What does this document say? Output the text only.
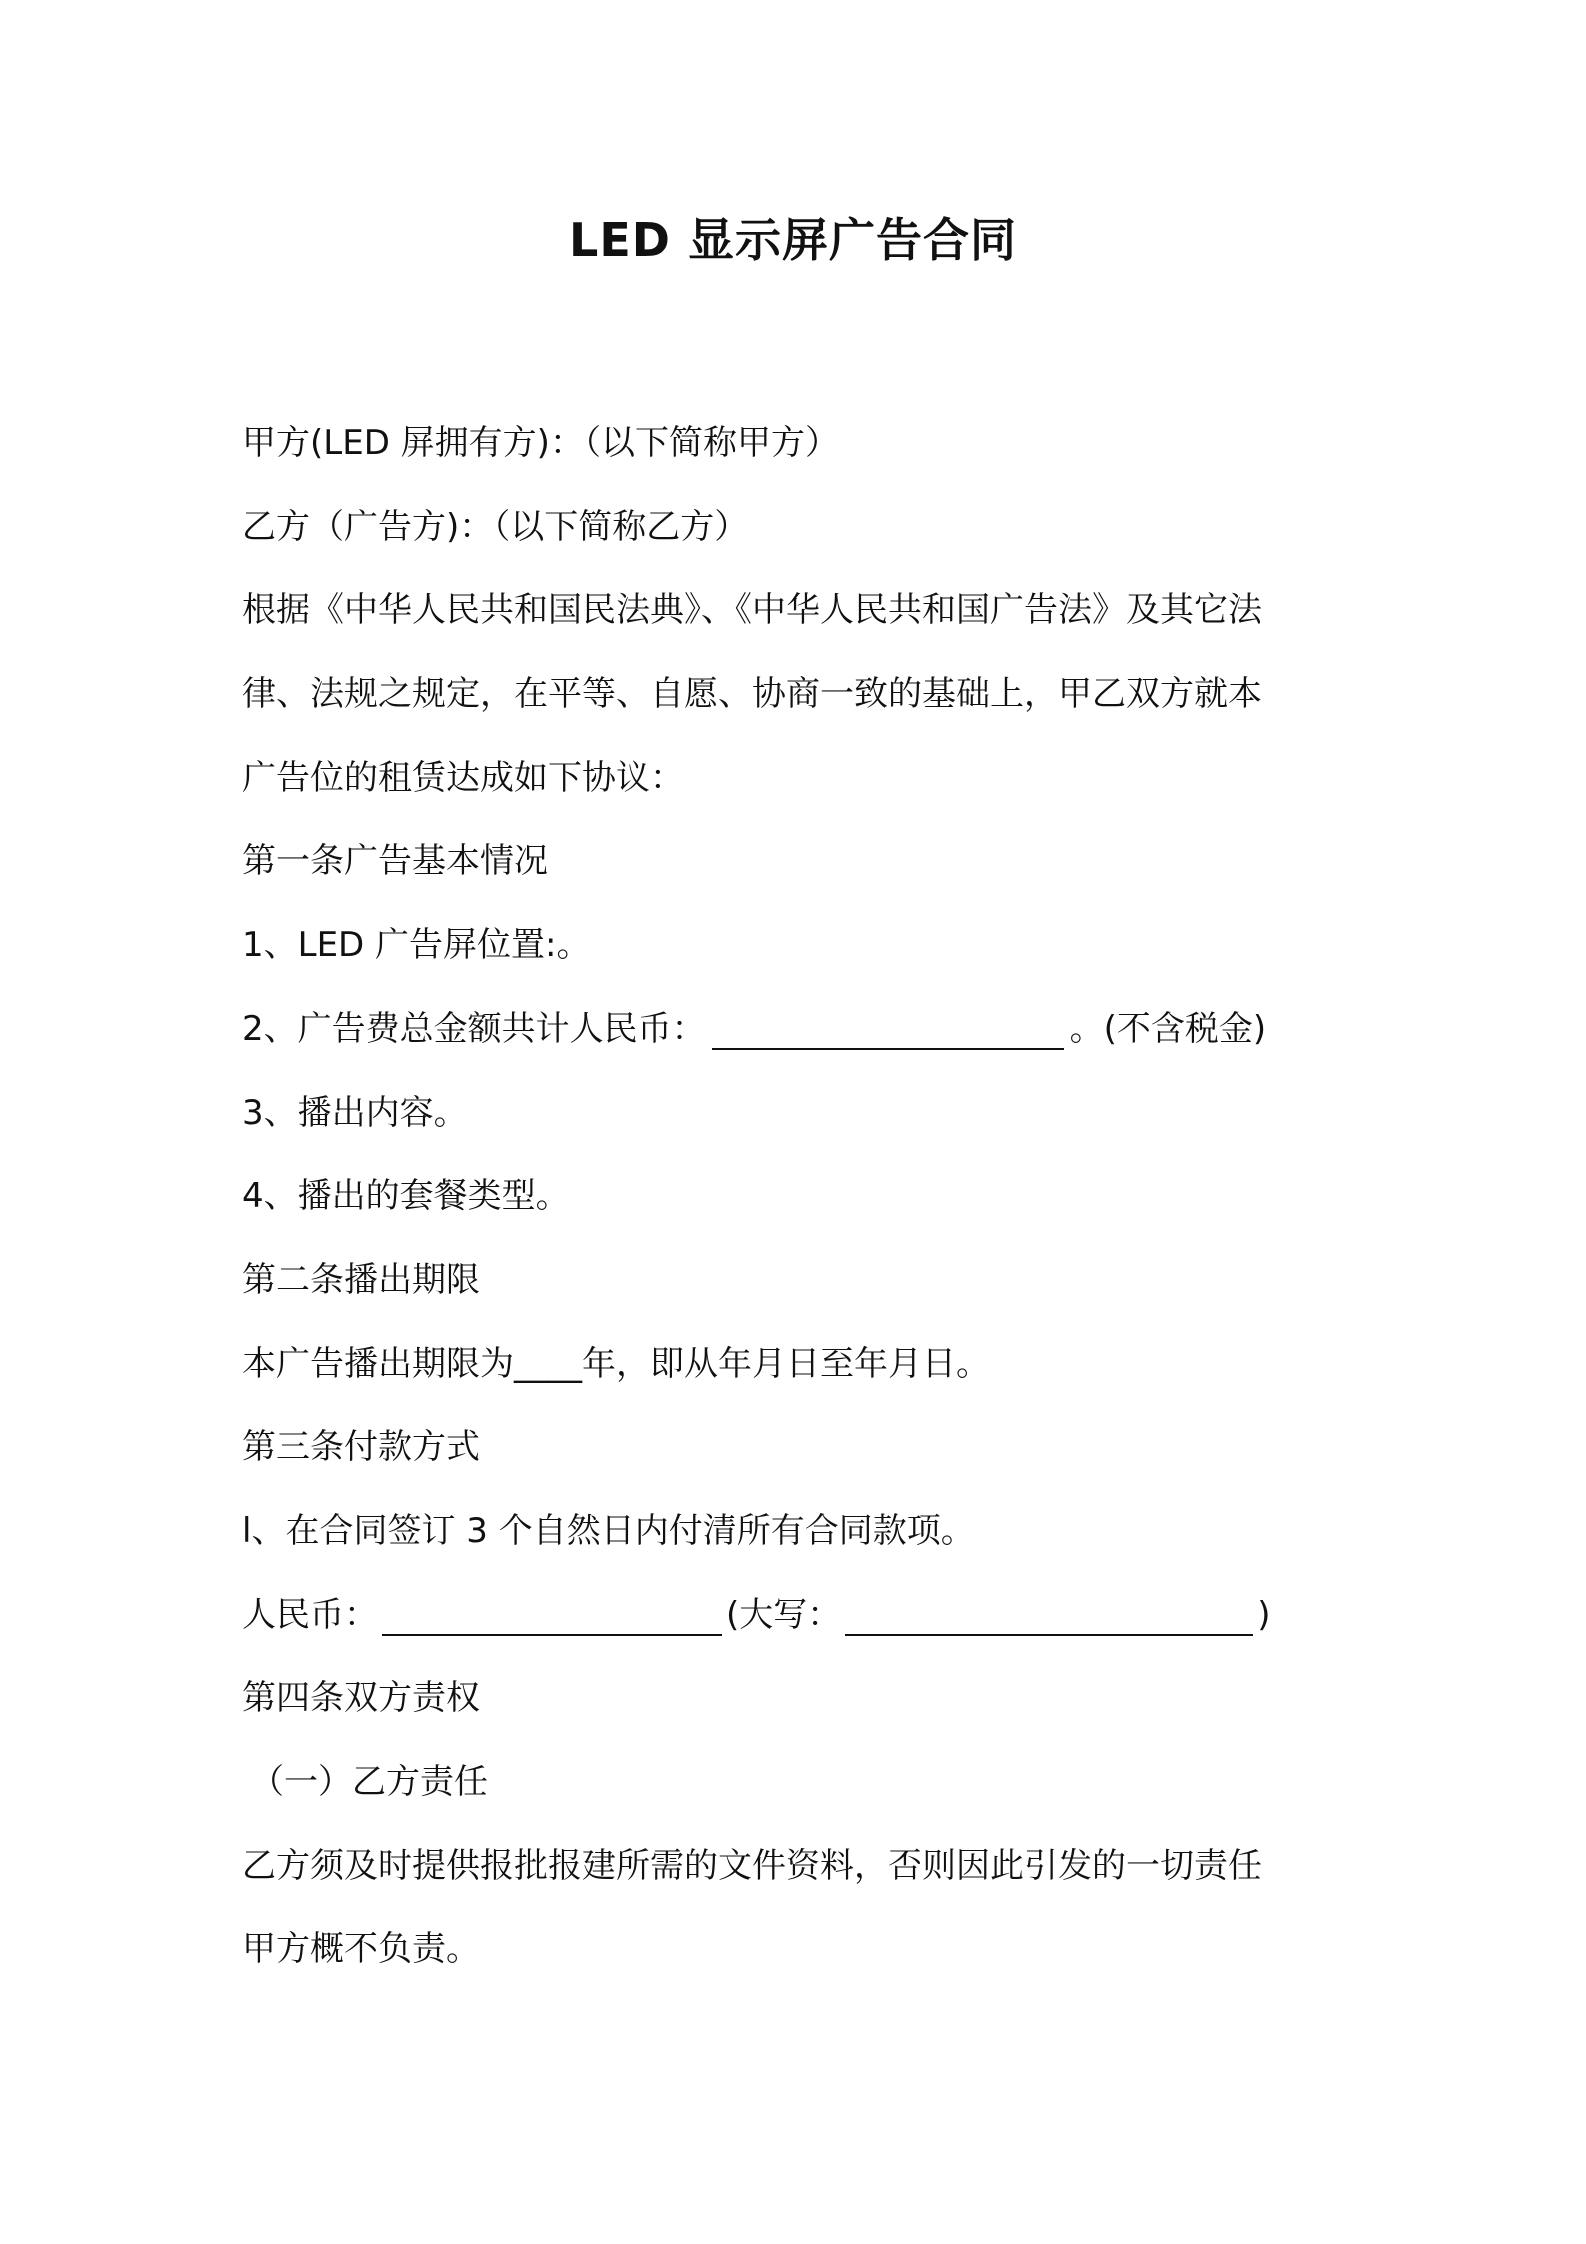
LED 显示屏广告合同
甲方(LED 屏拥有方)：（以下简称甲方）
乙方（广告方)：（以下简称乙方）
根据《中华人民共和国民法典》、《中华人民共和国广告法》及其它法
律、法规之规定，在平等、自愿、协商一致的基础上，甲乙双方就本
广告位的租赁达成如下协议：
第一条广告基本情况
1、LED 广告屏位置:。
2、广告费总金额共计人民币：	。(不含税金)
3、播出内容。
4、播出的套餐类型。
第二条播出期限
本广告播出期限为____年，即从年月日至年月日。
第三条付款方式
l、在合同签订 3 个自然日内付清所有合同款项。
人民币：	(大写：	)
第四条双方责权
（一）乙方责任
乙方须及时提供报批报建所需的文件资料，否则因此引发的一切责任
甲方概不负责。
